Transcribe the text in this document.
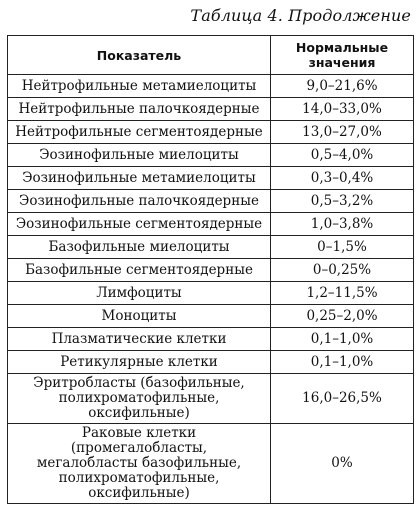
Таблица 4. Продолжение
Показатель	Нормальные
значения

Нейтрофильные метамиелоциты	9,0–21,6%
Нейтрофильные палочкоядерные	14,0–33,0%
Нейтрофильные сегментоядерные	13,0–27,0%
Эозинофильные миелоциты	0,5–4,0%
Эозинофильные метамиелоциты	0,3–0,4%
Эозинофильные палочкоядерные	0,5–3,2%
Эозинофильные сегментоядерные	1,0–3,8%
Базофильные миелоциты	0–1,5%
Базофильные сегментоядерные	0–0,25%
Лимфоциты	1,2–11,5%
Моноциты	0,25–2,0%
Плазматические клетки	0,1–1,0%
Ретикулярные клетки	0,1–1,0%

Эритробласты (базофильные,
полихроматофильные,
оксифильные)	16,0–26,5%

Раковые клетки (промегалобласты,
мегалобласты базофильные,
полихроматофильные,
оксифильные)	0%
